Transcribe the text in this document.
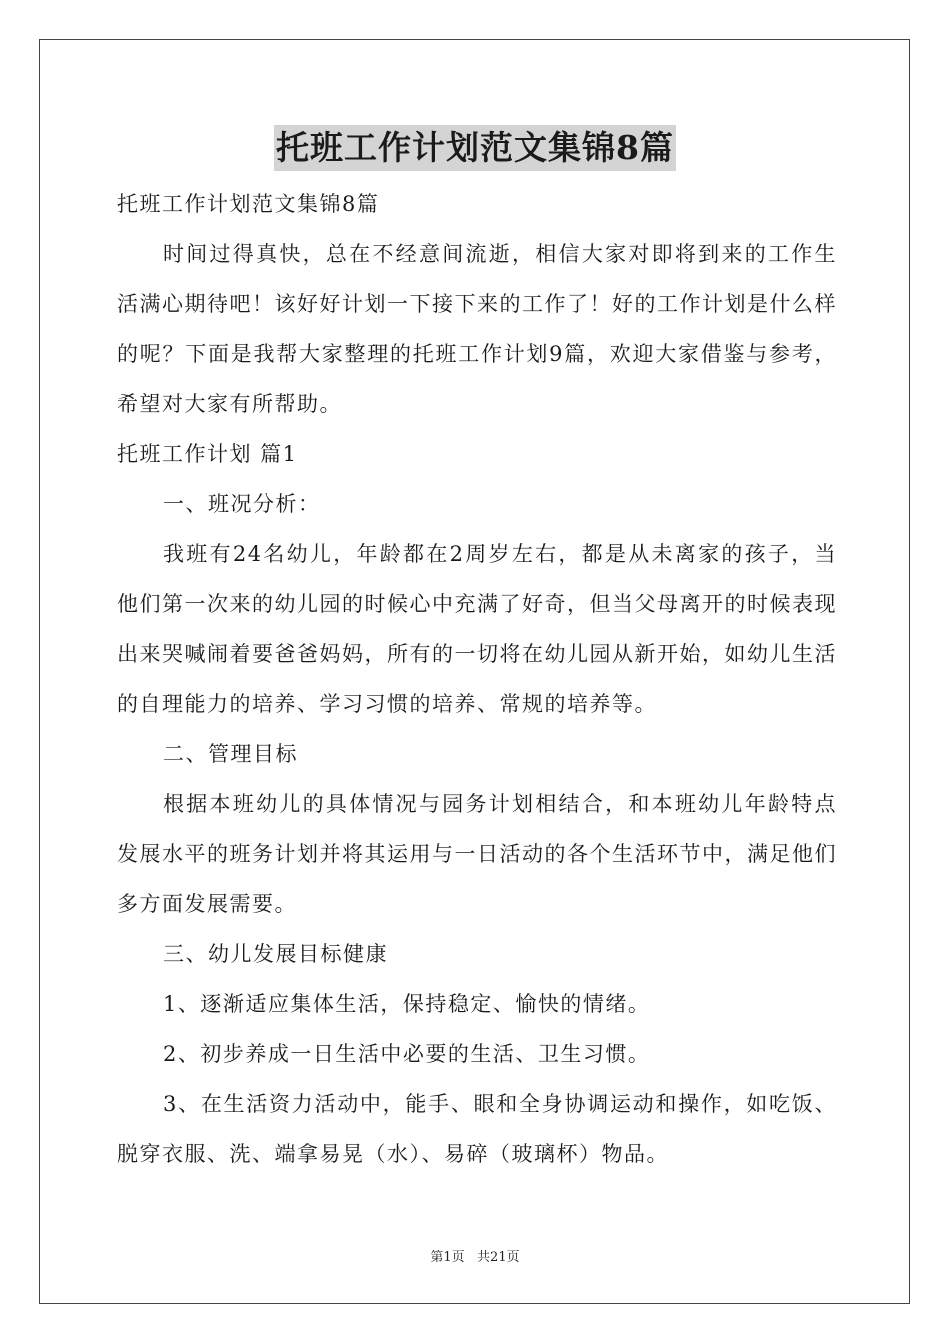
托班工作计划范文集锦8篇

托班工作计划范文集锦8篇

时间过得真快，总在不经意间流逝，相信大家对即将到来的工作生活满心期待吧！该好好计划一下接下来的工作了！好的工作计划是什么样的呢？下面是我帮大家整理的托班工作计划9篇，欢迎大家借鉴与参考，希望对大家有所帮助。

托班工作计划 篇1

一、班况分析：

我班有24名幼儿，年龄都在2周岁左右，都是从未离家的孩子，当他们第一次来的幼儿园的时候心中充满了好奇，但当父母离开的时候表现出来哭喊闹着要爸爸妈妈，所有的一切将在幼儿园从新开始，如幼儿生活的自理能力的培养、学习习惯的培养、常规的培养等。

二、管理目标

根据本班幼儿的具体情况与园务计划相结合，和本班幼儿年龄特点发展水平的班务计划并将其运用与一日活动的各个生活环节中，满足他们多方面发展需要。

三、幼儿发展目标健康

1、逐渐适应集体生活，保持稳定、愉快的情绪。

2、初步养成一日生活中必要的生活、卫生习惯。

3、在生活资力活动中，能手、眼和全身协调运动和操作，如吃饭、脱穿衣服、洗、端拿易晃（水）、易碎（玻璃杯）物品。

第1页   共21页
